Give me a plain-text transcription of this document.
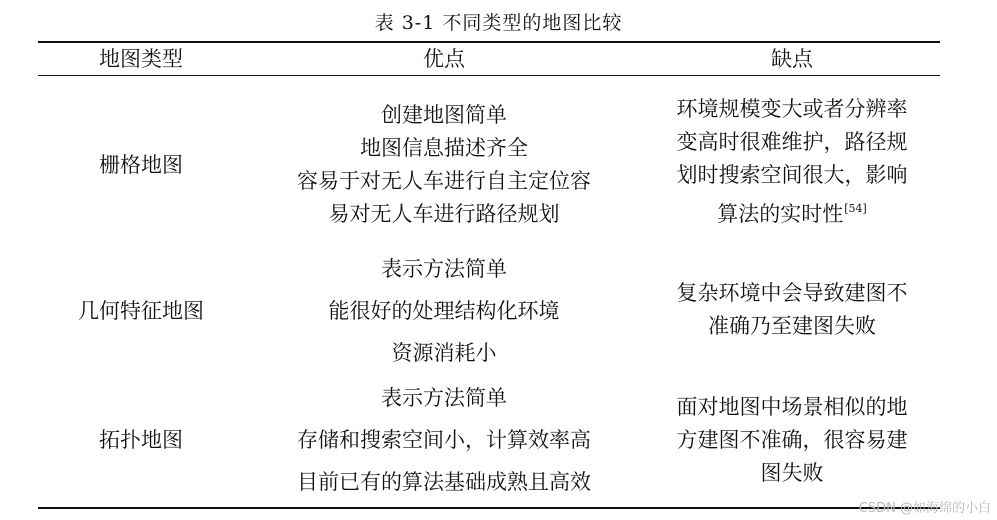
表 3-1 不同类型的地图比较
地图类型	优点	缺点
栅格地图
创建地图简单
地图信息描述齐全
容易于对无人车进行自主定位容
易对无人车进行路径规划
环境规模变大或者分辨率
变高时很难维护，路径规
划时搜索空间很大，影响
算法的实时性[54]
几何特征地图
表示方法简单
能很好的处理结构化环境
资源消耗小
复杂环境中会导致建图不
准确乃至建图失败
拓扑地图
表示方法简单
存储和搜索空间小，计算效率高
目前已有的算法基础成熟且高效
面对地图中场景相似的地
方建图不准确，很容易建
图失败
CSDN @如海绵的小白
